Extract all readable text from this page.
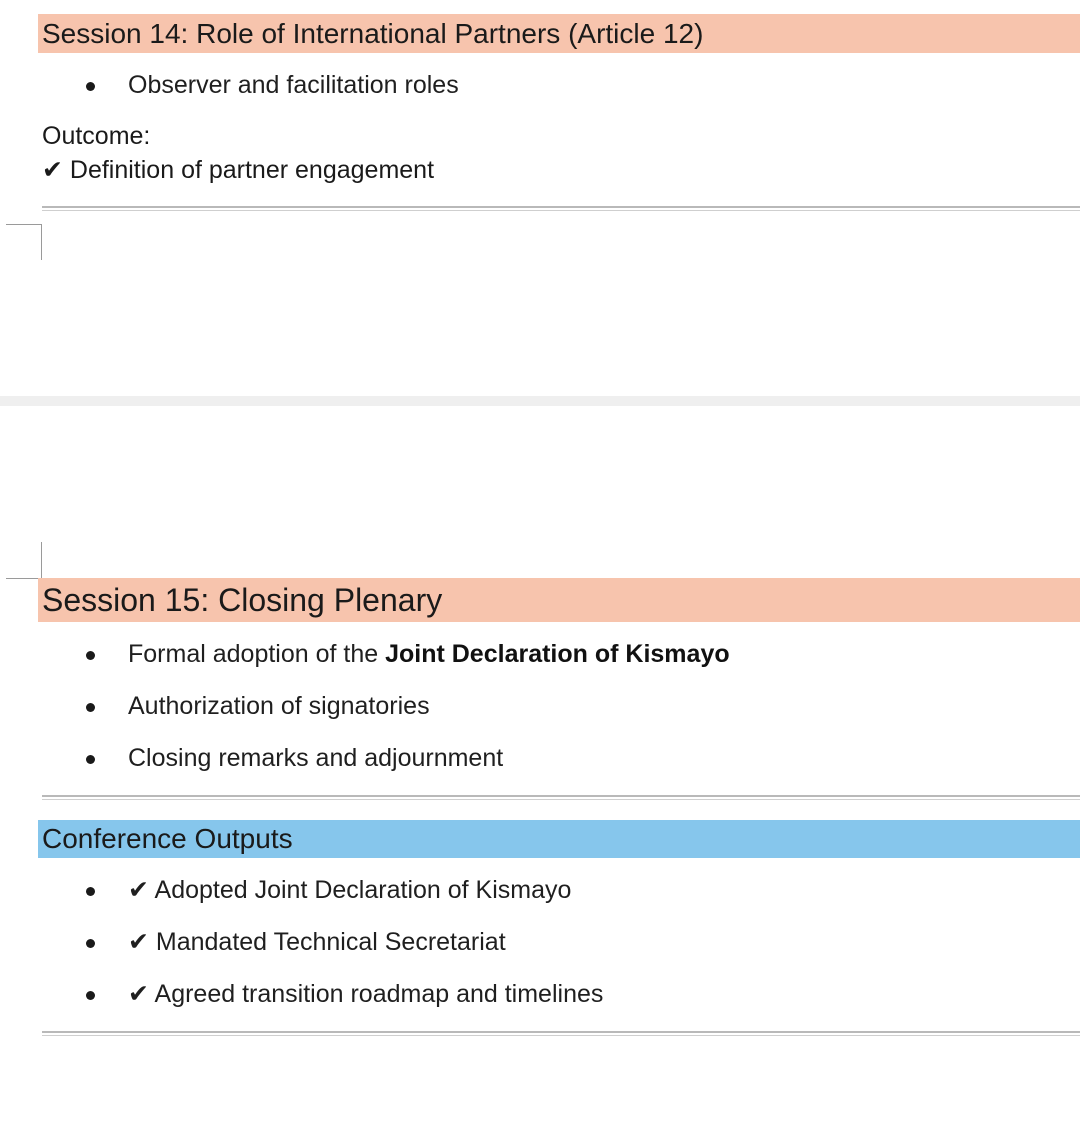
Session 14: Role of International Partners (Article 12)
Observer and facilitation roles
Outcome:
✔ Definition of partner engagement
Session 15: Closing Plenary
Formal adoption of the Joint Declaration of Kismayo
Authorization of signatories
Closing remarks and adjournment
Conference Outputs
✔ Adopted Joint Declaration of Kismayo
✔ Mandated Technical Secretariat
✔ Agreed transition roadmap and timelines
